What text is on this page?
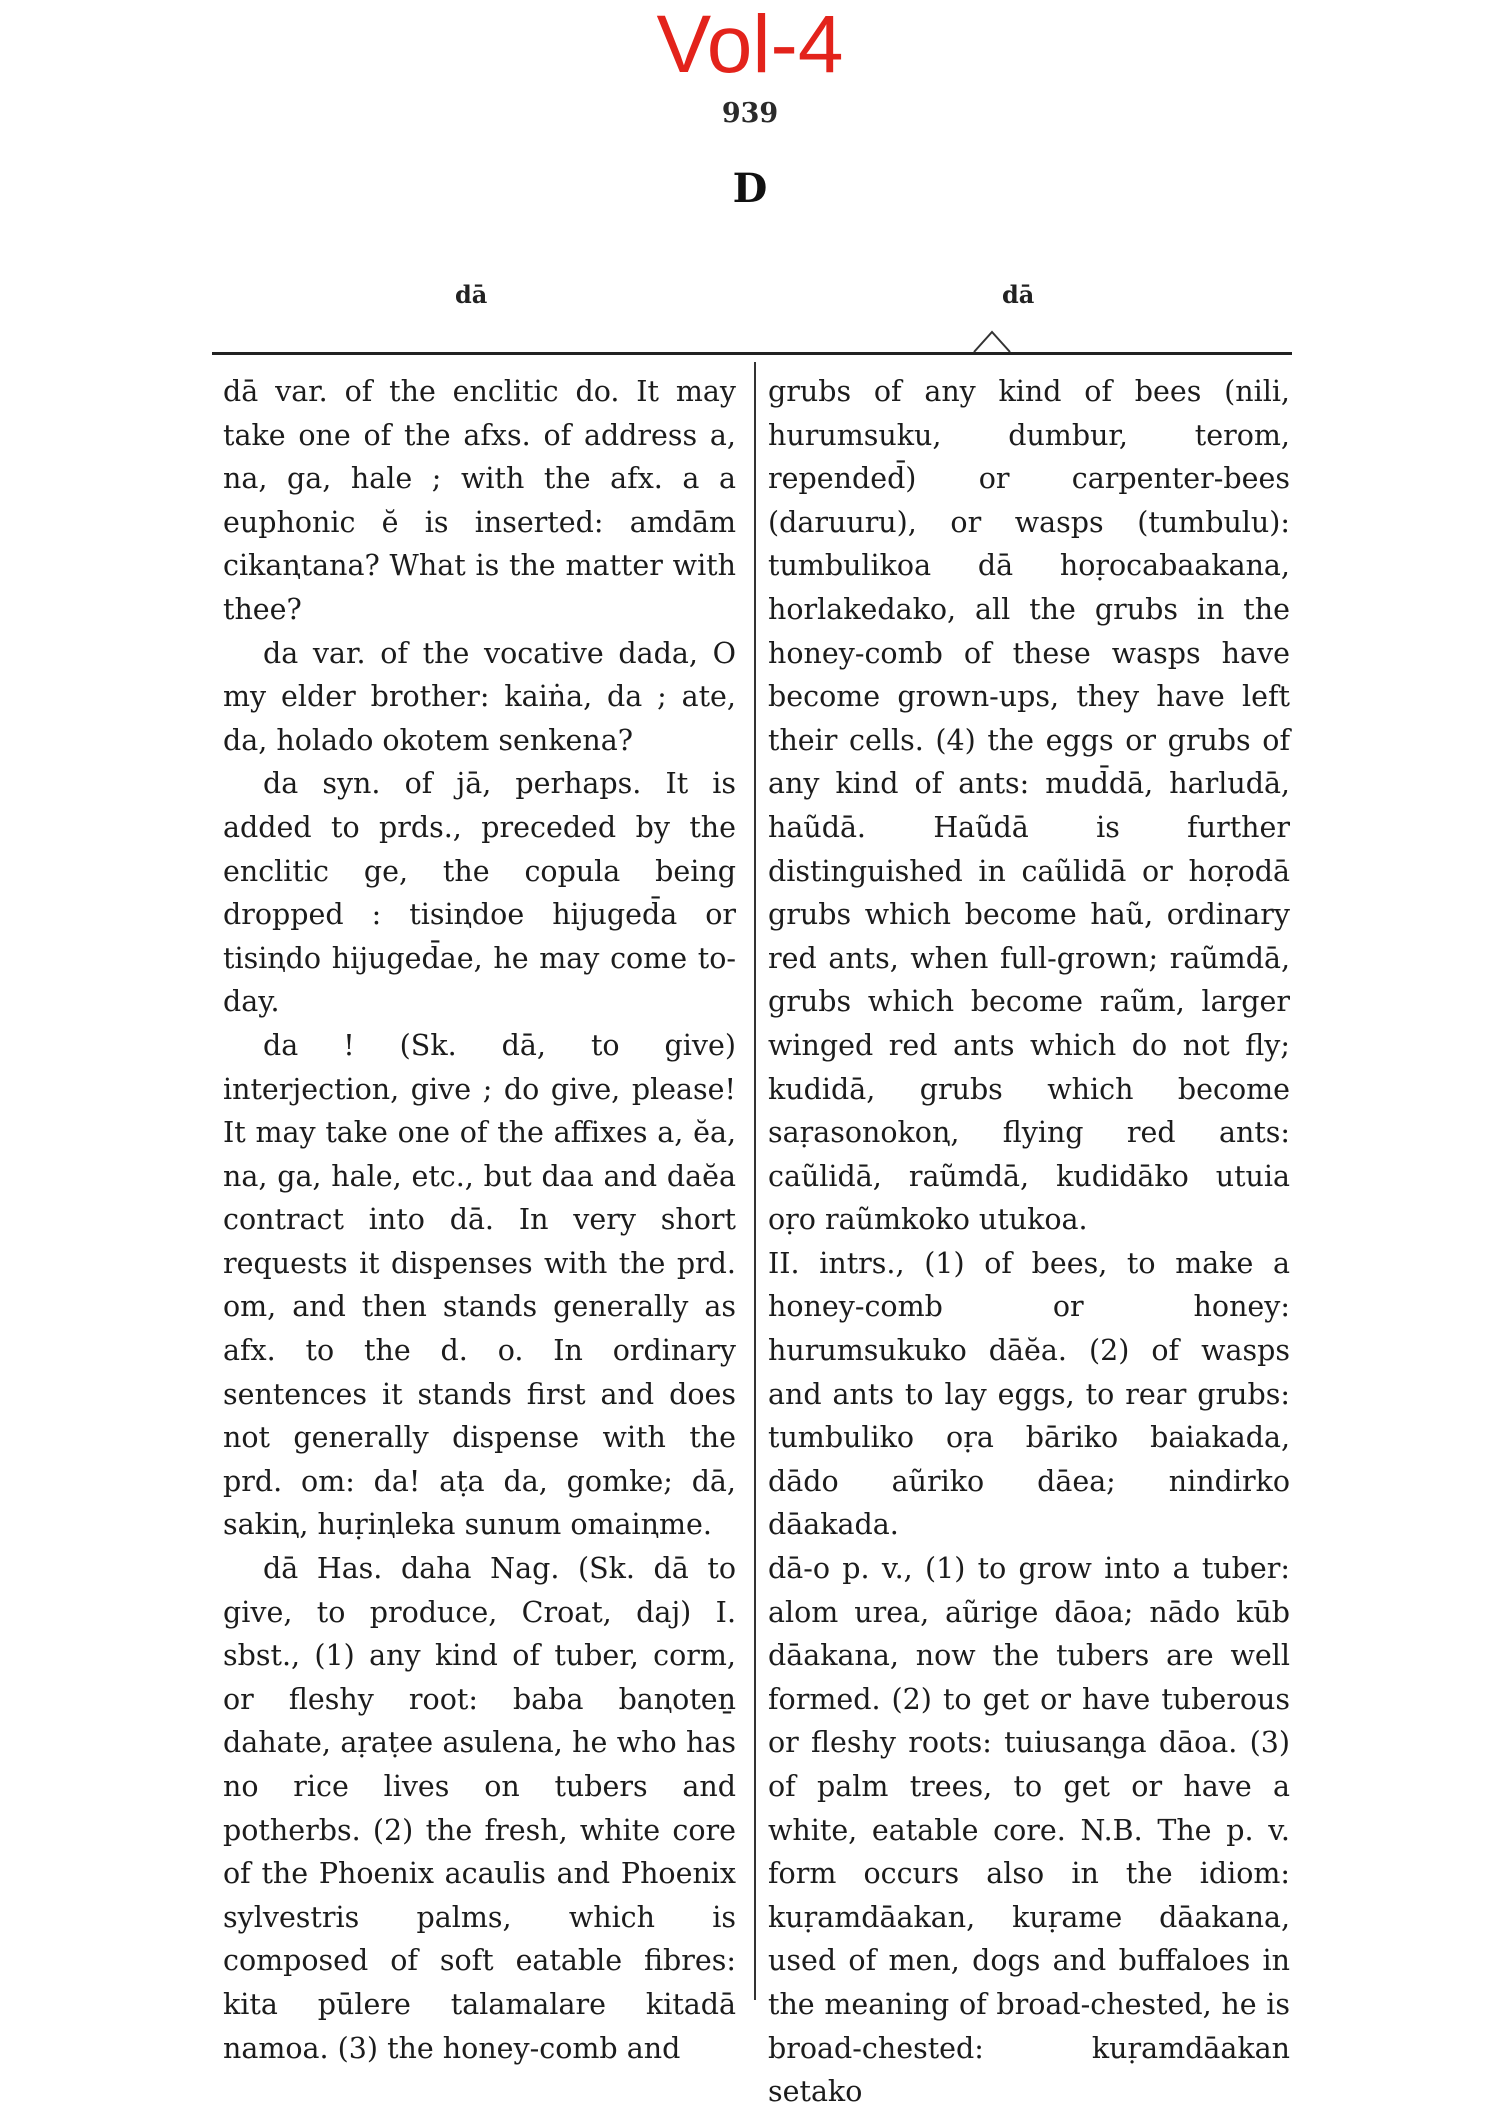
Vol-4
939
D
dā	dā

dā var. of the enclitic do. It may take one of the afxs. of address a, na, ga, hale ; with the afx. a a euphonic ĕ is inserted: amdām cikaꞑtana? What is the matter with thee?

da var. of the vocative dada, O my elder brother: kaiṅa, da ; ate, da, holado okotem senkena?

da syn. of jā, perhaps. It is added to prds., preceded by the enclitic ge, the copula being dropped : tisiꞑdoe hijuged̄a or tisiꞑdo hijuged̄ae, he may come to-day.

da ! (Sk. dā, to give) interjection, give ; do give, please! It may take one of the affixes a, ĕa, na, ga, hale, etc., but daa and daĕa contract into dā. In very short requests it dispenses with the prd. om, and then stands generally as afx. to the d. o. In ordinary sentences it stands first and does not generally dispense with the prd. om: da! aṭa da, gomke; dā, sakiꞑ, huṛiꞑleka sunum omaiꞑme.

dā Has. daha Nag. (Sk. dā to give, to produce, Croat, daj) I. sbst., (1) any kind of tuber, corm, or fleshy root: baba baꞑoteṉ dahate, aṛaṭee asulena, he who has no rice lives on tubers and potherbs. (2) the fresh, white core of the Phoenix acaulis and Phoenix sylvestris palms, which is composed of soft eatable fibres: kita pūlere talamalare kitadā namoa. (3) the honey-comb and

grubs of any kind of bees (nili, hurumsuku, dumbur, terom, repended̄) or carpenter-bees (daruuru), or wasps (tumbulu): tumbulikoa dā hoṛocabaakana, horlakedako, all the grubs in the honey-comb of these wasps have become grown-ups, they have left their cells. (4) the eggs or grubs of any kind of ants: mud̄dā, harludā, haũdā. Haũdā is further distinguished in caũlidā or hoṛodā grubs which become haũ, ordinary red ants, when full-grown; raũmdā, grubs which become raũm, larger winged red ants which do not fly; kudidā, grubs which become saṛasonokoꞑ, flying red ants: caũlidā, raũmdā, kudidāko utuia oṛo raũmkoko utukoa.

II. intrs., (1) of bees, to make a honey-comb or honey: hurumsukuko dāĕa. (2) of wasps and ants to lay eggs, to rear grubs: tumbuliko oṛa bāriko baiakada, dādo aũriko dāea; nindirko dāakada.

dā-o p. v., (1) to grow into a tuber: alom urea, aũrige dāoa; nādo kūb dāakana, now the tubers are well formed. (2) to get or have tuberous or fleshy roots: tuiusaꞑga dāoa. (3) of palm trees, to get or have a white, eatable core. N.B. The p. v. form occurs also in the idiom: kuṛamdāakan, kuṛame dāakana, used of men, dogs and buffaloes in the meaning of broad-chested, he is broad-chested: kuṛamdāakan setako
